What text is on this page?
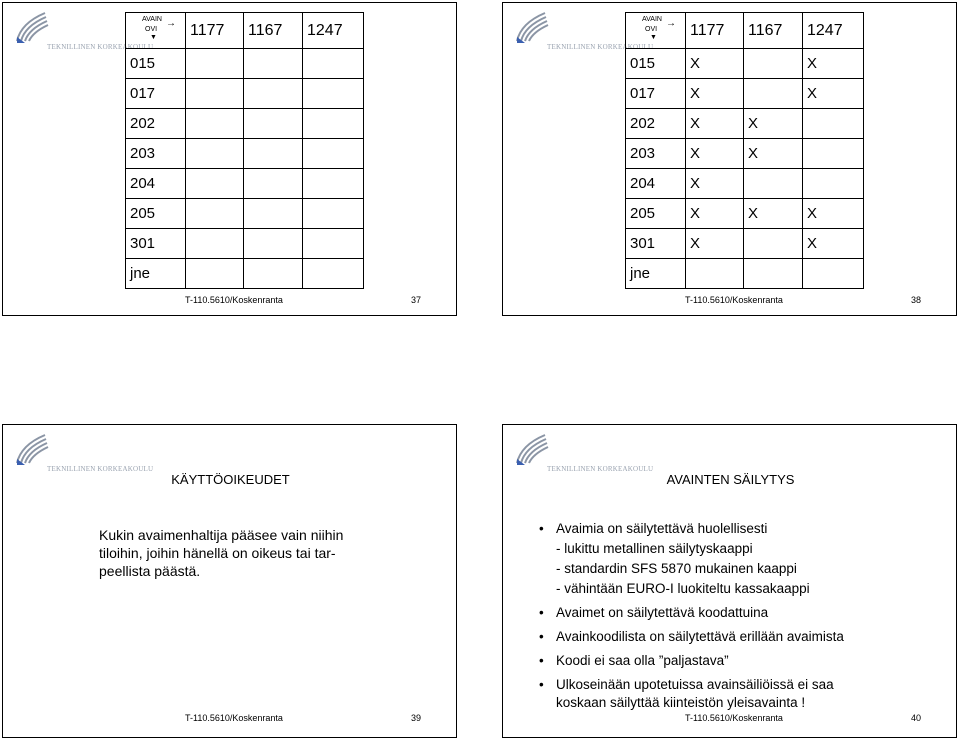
TEKNILLINEN KORKEAKOULU
AVAIN
OVI
→
▼	1177	1167	1247
015			
017			
202			
203			
204			
205			
301			
jne			
T-110.5610/Koskenranta	37
TEKNILLINEN KORKEAKOULU
AVAIN
OVI
→
▼	1177	1167	1247
015	X		X
017	X		X
202	X	X	
203	X	X	
204	X		
205	X	X	X
301	X		X
jne			
T-110.5610/Koskenranta	38
TEKNILLINEN KORKEAKOULU
KÄYTTÖOIKEUDET
Kukin avaimenhaltija pääsee vain niihin
tiloihin, joihin hänellä on oikeus tai tar-
peellista päästä.
T-110.5610/Koskenranta	39
TEKNILLINEN KORKEAKOULU
AVAINTEN SÄILYTYS
• Avaimia on säilytettävä huolellisesti
- lukittu metallinen säilytyskaappi
- standardin SFS 5870 mukainen kaappi
- vähintään EURO-I luokiteltu kassakaappi
• Avaimet on säilytettävä koodattuina
• Avainkoodilista on säilytettävä erillään avaimista
• Koodi ei saa olla ”paljastava”
• Ulkoseinään upotetuissa avainsäiliöissä ei saa
koskaan säilyttää kiinteistön yleisavainta !
T-110.5610/Koskenranta	40
